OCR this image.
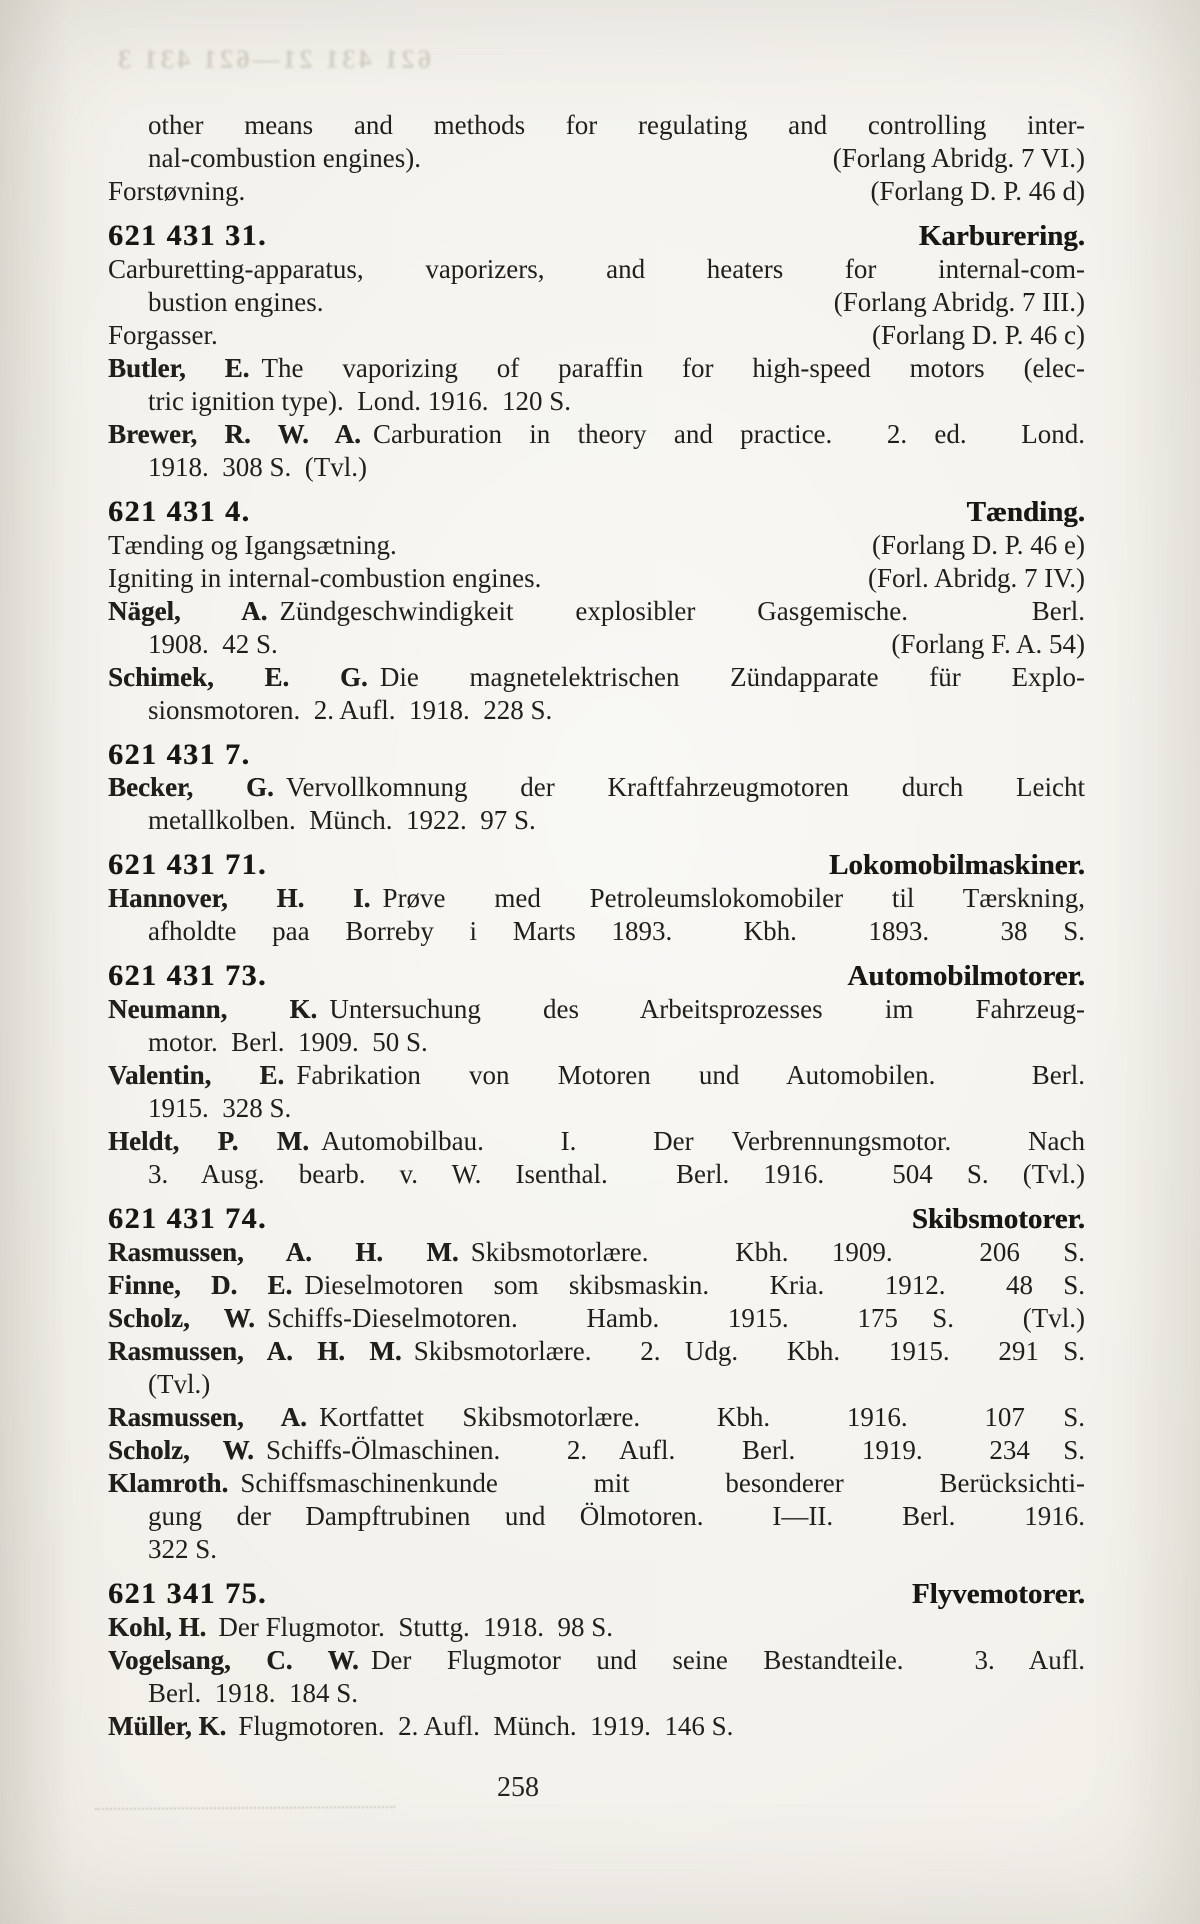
621 431 21—621 431 3
other means and methods for regulating and controlling inter-
nal-combustion engines).	(Forlang Abridg. 7 VI.)
Forstøvning.	(Forlang D. P. 46 d)
621 431 31.	Karburering.
Carburetting-apparatus, vaporizers, and heaters for internal-com-
bustion engines.	(Forlang Abridg. 7 III.)
Forgasser.	(Forlang D. P. 46 c)
Butler, E. The vaporizing of paraffin for high-speed motors (elec-
tric ignition type).  Lond. 1916.  120 S.
Brewer, R. W. A. Carburation in theory and practice.  2. ed.  Lond.
1918.  308 S.  (Tvl.)
621 431 4.	Tænding.
Tænding og Igangsætning.	(Forlang D. P. 46 e)
Igniting in internal-combustion engines.	(Forl. Abridg. 7 IV.)
Nägel, A. Zündgeschwindigkeit explosibler Gasgemische.  Berl.
1908.  42 S.	(Forlang F. A. 54)
Schimek, E. G. Die magnetelektrischen Zündapparate für Explo-
sionsmotoren.  2. Aufl.  1918.  228 S.
621 431 7.
Becker, G. Vervollkomnung der Kraftfahrzeugmotoren durch Leicht
metallkolben.  Münch.  1922.  97 S.
621 431 71.	Lokomobilmaskiner.
Hannover, H. I. Prøve med Petroleumslokomobiler til Tærskning,
afholdte paa Borreby i Marts 1893.  Kbh.  1893.  38 S.
621 431 73.	Automobilmotorer.
Neumann, K. Untersuchung des Arbeitsprozesses im Fahrzeug-
motor.  Berl.  1909.  50 S.
Valentin, E. Fabrikation von Motoren und Automobilen.  Berl.
1915.  328 S.
Heldt, P. M. Automobilbau.  I.  Der Verbrennungsmotor.  Nach
3. Ausg. bearb. v. W. Isenthal.  Berl. 1916.  504 S. (Tvl.)
621 431 74.	Skibsmotorer.
Rasmussen, A. H. M. Skibsmotorlære.  Kbh. 1909.  206 S.
Finne, D. E. Dieselmotoren som skibsmaskin.  Kria.  1912.  48 S.
Scholz, W. Schiffs-Dieselmotoren.  Hamb.  1915.  175 S.  (Tvl.)
Rasmussen, A. H. M. Skibsmotorlære.  2. Udg.  Kbh.  1915.  291 S.
(Tvl.)
Rasmussen, A. Kortfattet Skibsmotorlære.  Kbh.  1916.  107 S.
Scholz, W. Schiffs-Ölmaschinen.  2. Aufl.  Berl.  1919.  234 S.
Klamroth. Schiffsmaschinenkunde mit besonderer Berücksichti-
gung der Dampftrubinen und Ölmotoren.  I—II.  Berl.  1916.
322 S.
621 341 75.	Flyvemotorer.
Kohl, H. Der Flugmotor.  Stuttg.  1918.  98 S.
Vogelsang, C. W. Der Flugmotor und seine Bestandteile.  3. Aufl.
Berl.  1918.  184 S.
Müller, K. Flugmotoren.  2. Aufl.  Münch.  1919.  146 S.
258
